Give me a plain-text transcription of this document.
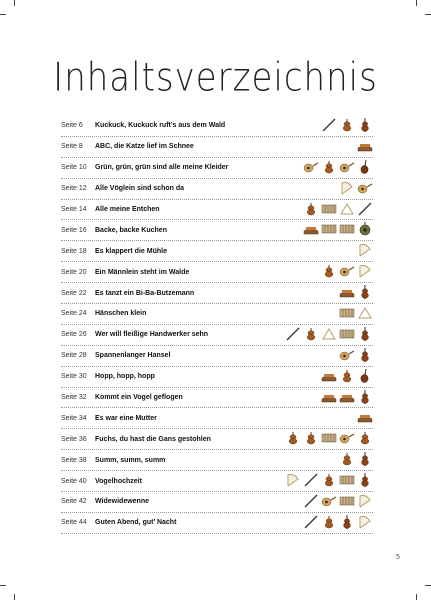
Inhaltsverzeichnis
Seite 6	Kuckuck, Kuckuck ruft’s aus dem Wald
Seite 8	ABC, die Katze lief im Schnee
Seite 10	Grün, grün, grün sind alle meine Kleider
Seite 12	Alle Vöglein sind schon da
Seite 14	Alle meine Entchen
Seite 16	Backe, backe Kuchen
Seite 18	Es klappert die Mühle
Seite 20	Ein Männlein steht im Walde
Seite 22	Es tanzt ein Bi-Ba-Butzemann
Seite 24	Hänschen klein
Seite 26	Wer will fleißige Handwerker sehn
Seite 28	Spannenlanger Hansel
Seite 30	Hopp, hopp, hopp
Seite 32	Kommt ein Vogel geflogen
Seite 34	Es war eine Mutter
Seite 36	Fuchs, du hast die Gans gestohlen
Seite 38	Summ, summ, summ
Seite 40	Vogelhochzeit
Seite 42	Widewidewenne
Seite 44	Guten Abend, gut’ Nacht
5
